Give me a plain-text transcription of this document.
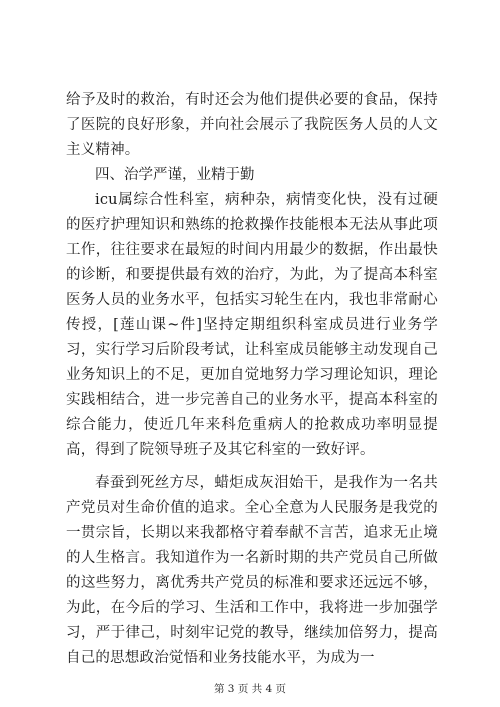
给予及时的救治，有时还会为他们提供必要的食品，保持了医院的良好形象，并向社会展示了我院医务人员的人文主义精神。

四、治学严谨，业精于勤

icu属综合性科室，病种杂，病情变化快，没有过硬的医疗护理知识和熟练的抢救操作技能根本无法从事此项工作，往往要求在最短的时间内用最少的数据，作出最快的诊断，和要提供最有效的治疗，为此，为了提高本科室医务人员的业务水平，包括实习轮生在内，我也非常耐心传授，[莲山课~件]坚持定期组织科室成员进行业务学习，实行学习后阶段考试，让科室成员能够主动发现自己业务知识上的不足，更加自觉地努力学习理论知识，理论实践相结合，进一步完善自己的业务水平，提高本科室的综合能力，使近几年来科危重病人的抢救成功率明显提高，得到了院领导班子及其它科室的一致好评。

春蚕到死丝方尽，蜡炬成灰泪始干，是我作为一名共产党员对生命价值的追求。全心全意为人民服务是我党的一贯宗旨，长期以来我都格守着奉献不言苦，追求无止境的人生格言。我知道作为一名新时期的共产党员自己所做的这些努力，离优秀共产党员的标准和要求还远远不够，为此，在今后的学习、生活和工作中，我将进一步加强学习，严于律己，时刻牢记党的教导，继续加倍努力，提高自己的思想政治觉悟和业务技能水平，为成为一

第 3 页 共 4 页
